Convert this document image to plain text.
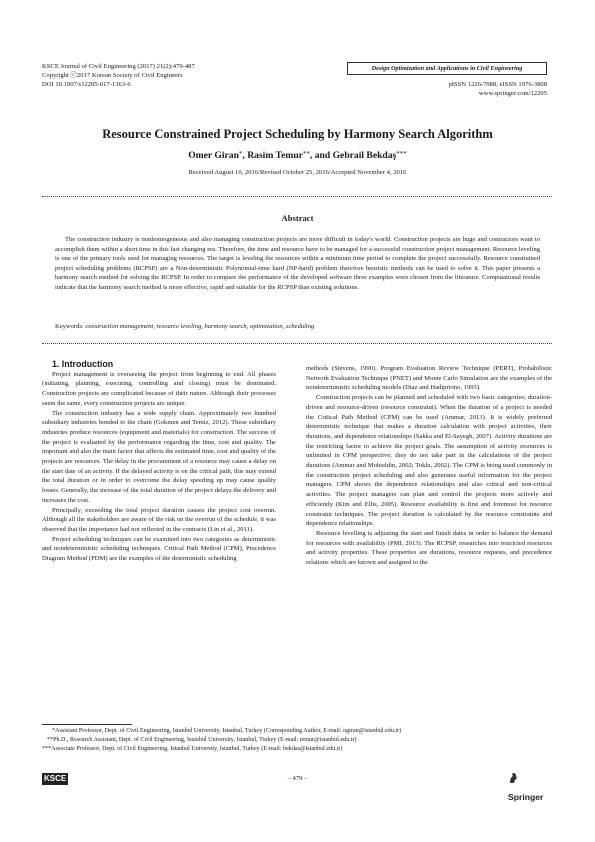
KSCE Journal of Civil Engineering (2017) 21(2):479-487
Copyright ⓒ2017 Korean Society of Civil Engineers
DOI 10.1007/s12205-017-1363-6
Design Optimization and Applications in Civil Engineering
pISSN 1226-7988, eISSN 1976-3808
www.springer.com/12205
Resource Constrained Project Scheduling by Harmony Search Algorithm
Omer Giran*, Rasim Temur**, and Gebrail Bekdaş***
Received August 10, 2016/Revised October 25, 2016/Accepted November 4, 2016
Abstract
The construction industry is nonhomogeneous and also managing construction projects are more difficult in today's world. Construction projects are huge and contractors want to accomplish them within a short time in this fast changing era. Therefore, the time and resource have to be managed for a successful construction project management. Resource leveling is one of the primary tools used for managing resources. The target is leveling the resources within a minimum time period to complete the project successfully. Resource constrained project scheduling problems (RCPSP) are a Non-deterministic Polynomial-time hard (NP-hard) problem therefore heuristic methods can be used to solve it. This paper presents a harmony search method for solving the RCPSP. In order to compare the performance of the developed software three examples were chosen from the literature. Computational results indicate that the harmony search method is more effective, rapid and suitable for the RCPSP than existing solutions.
Keywords: construction management, resource leveling, harmony search, optimization, scheduling

1. Introduction

Project management is overseeing the project from beginning to end. All phases (initiating, planning, executing, controlling and closing) must be dominated. Construction projects are complicated because of their nature. Although their processes seem the same, every construction projects are unique.

The construction industry has a wide supply chain. Approximately two hundred subsidiary industries bonded to the chain (Gokmen and Temiz, 2012). These subsidiary industries produce resources (equipment and materials) for construction. The success of the project is evaluated by the performance regarding the time, cost and quality. The important and also the main factor that affects the estimated time, cost and quality of the projects are resources. The delay in the procurement of a resource may cause a delay on the start date of an activity. If the delayed activity is on the critical path, this may extend the total duration or in order to overcome the delay speeding up may cause quality losses. Generally, the increase of the total duration of the project delays the delivery and increases the cost.

Principally, exceeding the total project duration causes the project cost overrun. Although all the stakeholders are aware of the risk on the overrun of the schedule, it was observed that the importance had not reflected in the contracts (Lin et al., 2011).

Project scheduling techniques can be examined into two categories as deterministic and nondeterministic scheduling techniques. Critical Path Method (CPM), Precedence Diagram Method (PDM) are the examples of the deterministic scheduling

methods (Stevens, 1990). Program Evaluation Review Technique (PERT), Probabilistic Network Evaluation Technique (PNET) and Monte Carlo Simulation are the examples of the nondeterministic scheduling models (Diaz and Hadipriono, 1993).

Construction projects can be planned and scheduled with two basic categories; duration-driven and resource-driven (resource constraint). When the duration of a project is needed the Critical Path Method (CPM) can be used (Ammar, 2013). It is widely preferred deterministic technique that makes a duration calculation with project activities, their durations, and dependence relationships (Sakka and El-Sayegh, 2007). Activity durations are the restricting factor to achieve the project goals. The assumption of activity resources is unlimited in CPM perspective; they do not take part in the calculations of the project durations (Ammar and Mohieldin, 2002; Toklu, 2002). The CPM is being used commonly in the construction project scheduling and also generates useful information for the project managers. CPM shows the dependence relationships and also critical and non-critical activities. The project managers can plan and control the projects more actively and efficiently (Kim and Ellis, 2005). Resource availability is first and foremost for resource constraint techniques. The project duration is calculated by the resource constraints and dependence relationships.

Resource levelling is adjusting the start and finish dates in order to balance the demand for resources with availability (PMI, 2013). The RCPSP, researches into restricted resources and activity properties. These properties are durations, resource requests, and precedence relations which are known and assigned to the

*Assistant Professor, Dept. of Civil Engineering, Istanbul University, Istanbul, Turkey (Corresponding Author, E-mail: ogiran@istanbul.edu.tr)
**Ph.D., Research Assistant, Dept. of Civil Engineering, Istanbul University, Istanbul, Turkey (E-mail: temur@istanbul.edu.tr)
***Associate Professor, Dept. of Civil Engineering, Istanbul University, Istanbul, Turkey (E-mail: bekdas@istanbul.edu.tr)
KSCE	– 479 –
Springer
